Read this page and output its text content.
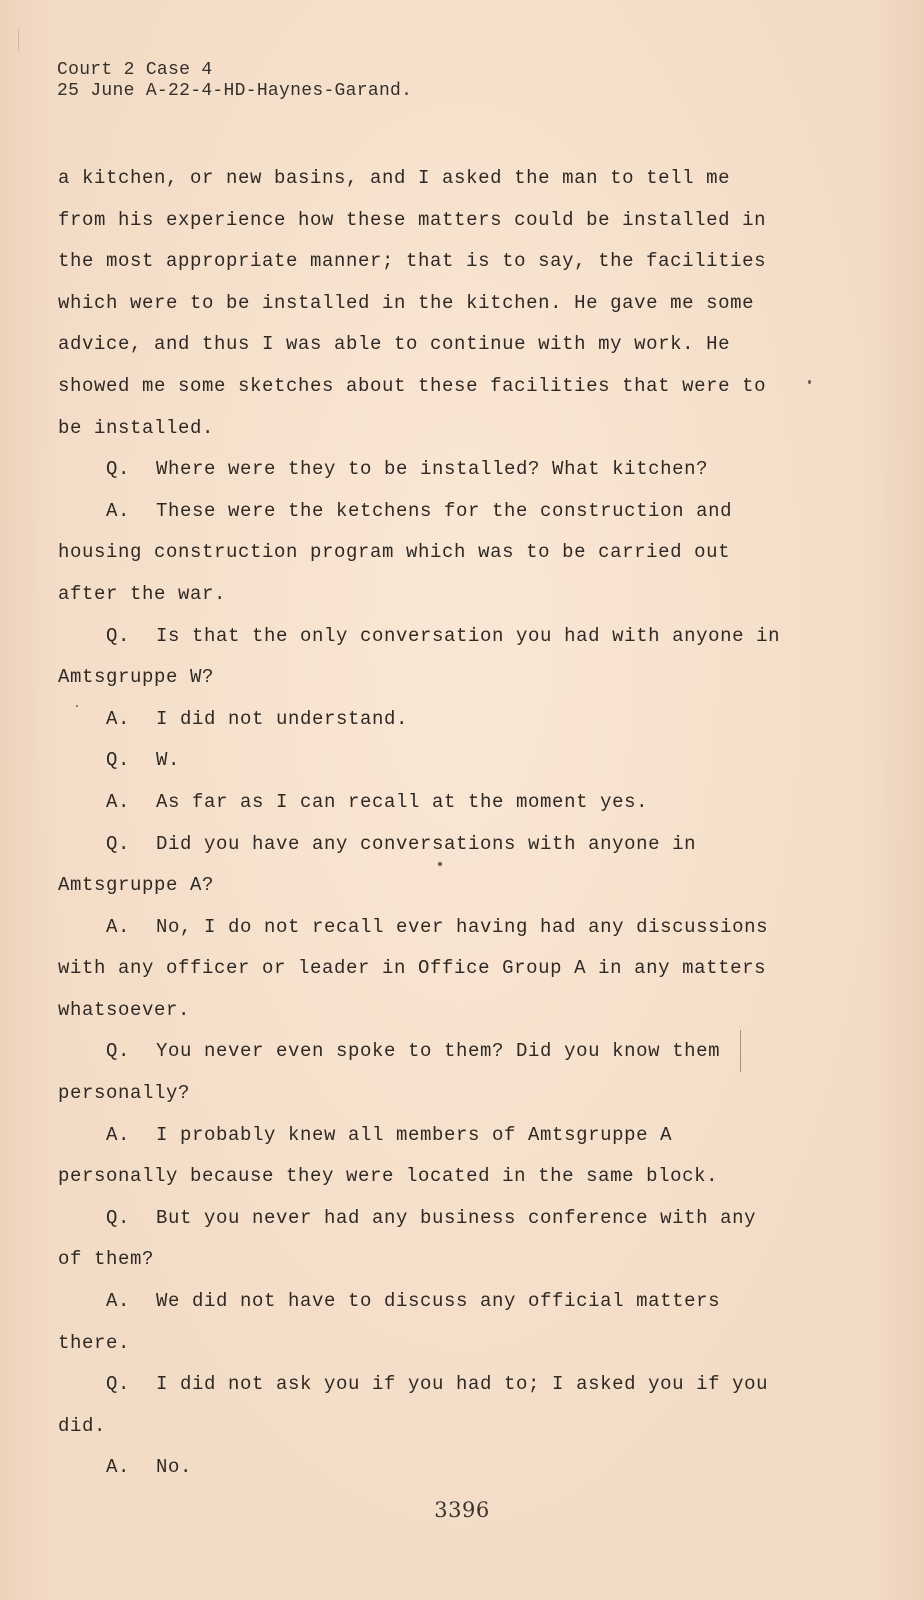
Court 2 Case 4
25 June A-22-4-HD-Haynes-Garand.
a kitchen, or new basins, and I asked the man to tell me
from his experience how these matters could be installed in
the most appropriate manner; that is to say, the facilities
which were to be installed in the kitchen. He gave me some
advice, and thus I was able to continue with my work. He
showed me some sketches about these facilities that were to
be installed.
Q. Where were they to be installed? What kitchen?
A. These were the ketchens for the construction and
housing construction program which was to be carried out
after the war.
Q. Is that the only conversation you had with anyone in
Amtsgruppe W?
A. I did not understand.
Q. W.
A. As far as I can recall at the moment yes.
Q. Did you have any conversations with anyone in
Amtsgruppe A?
A. No, I do not recall ever having had any discussions
with any officer or leader in Office Group A in any matters
whatsoever.
Q. You never even spoke to them? Did you know them
personally?
A. I probably knew all members of Amtsgruppe A
personally because they were located in the same block.
Q. But you never had any business conference with any
of them?
A. We did not have to discuss any official matters
there.
Q. I did not ask you if you had to; I asked you if you
did.
A. No.
3396
